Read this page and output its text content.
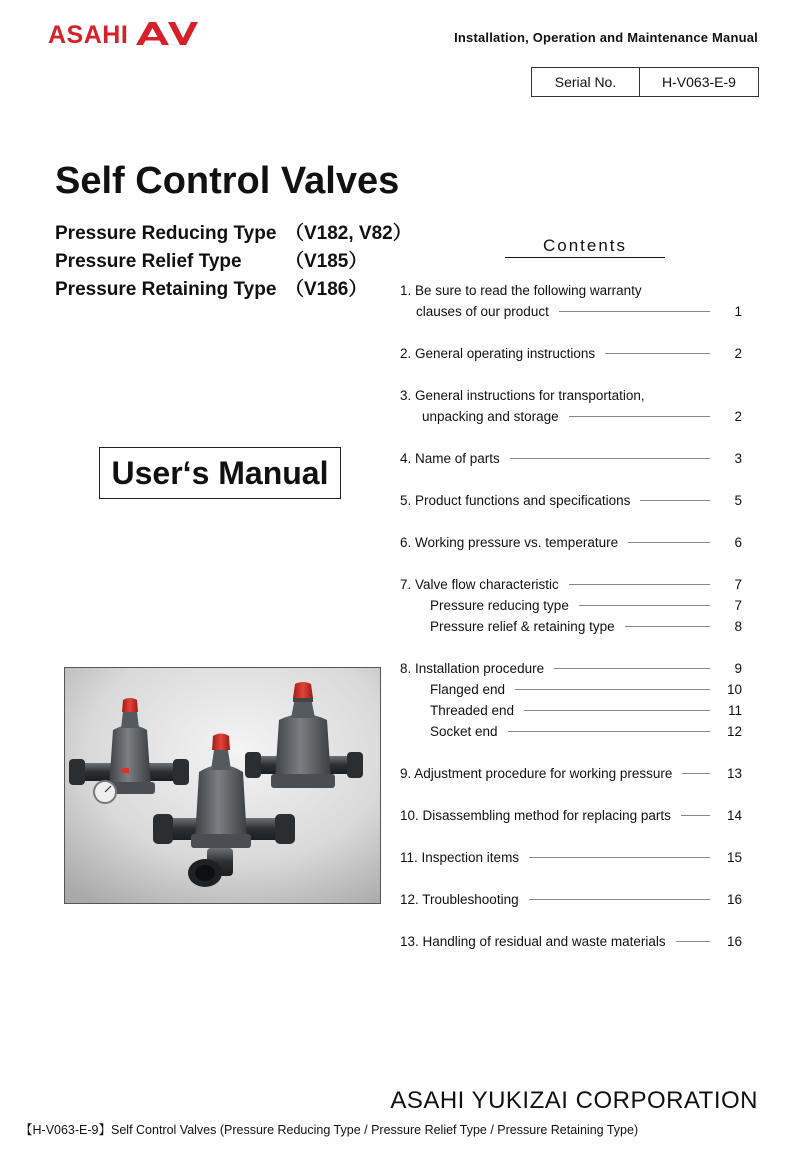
ASAHI	Installation, Operation and Maintenance Manual
Serial No.	H-V063-E-9
Self Control Valves
Pressure Reducing Type （V182, V82）
Pressure Relief Type （V185）
Pressure Retaining Type （V186）
Contents
User‘s Manual
1. Be sure to read the following warranty
clauses of our product	1
2. General operating instructions	2
3. General instructions for transportation,
unpacking and storage	2
4. Name of parts	3
5. Product functions and specifications	5
6. Working pressure vs. temperature	6
7. Valve flow characteristic	7
Pressure reducing type	7
Pressure relief & retaining type	8
8. Installation procedure	9
Flanged end	10
Threaded end	11
Socket end	12
9. Adjustment procedure for working pressure	13
10. Disassembling method for replacing parts	14
11. Inspection items	15
12. Troubleshooting	16
13. Handling of residual and waste materials	16
ASAHI YUKIZAI CORPORATION
【H-V063-E-9】Self Control Valves (Pressure Reducing Type / Pressure Relief Type / Pressure Retaining Type)
